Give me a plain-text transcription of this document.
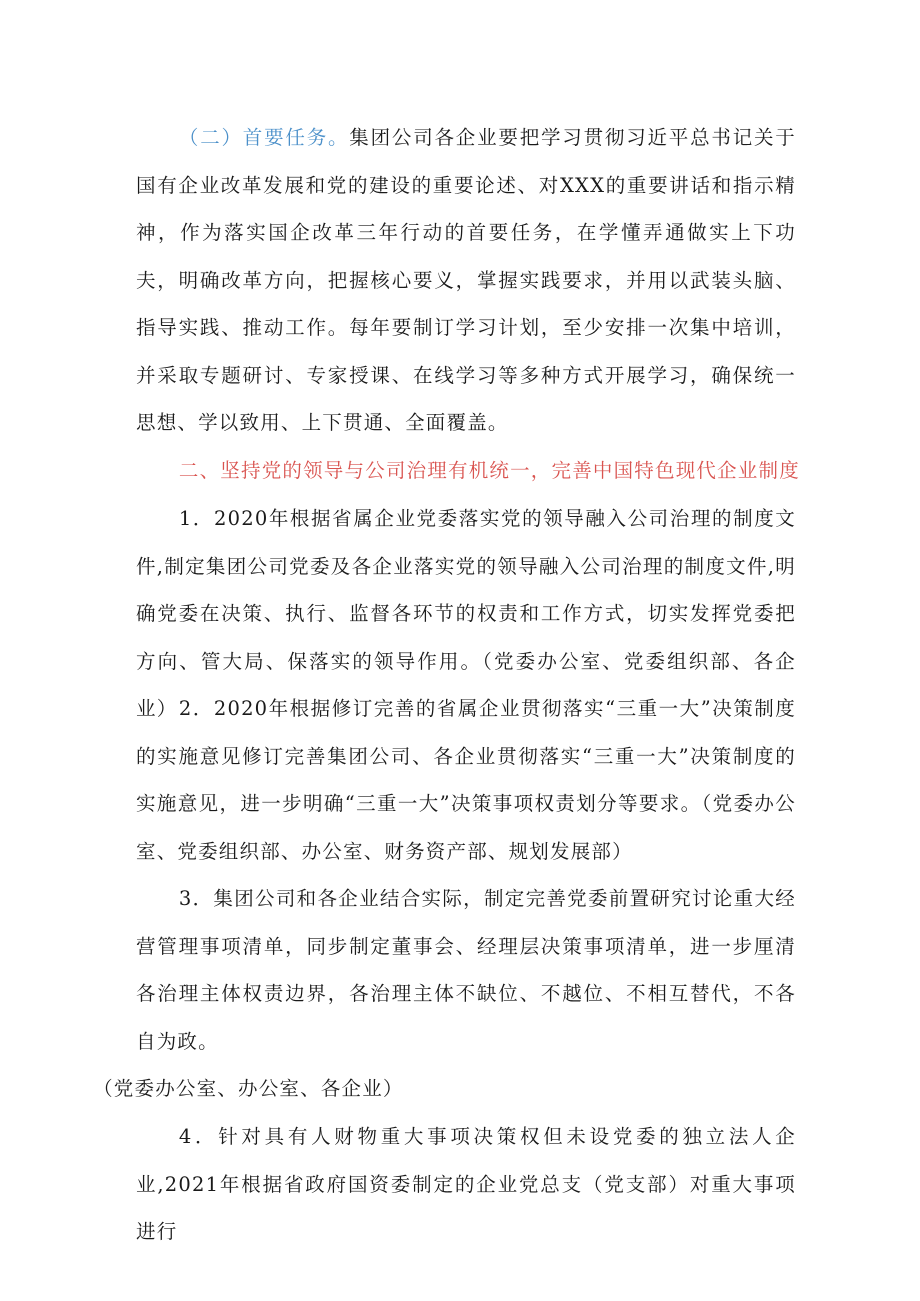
（二）首要任务。集团公司各企业要把学习贯彻习近平总书记关于国有企业改革发展和党的建设的重要论述、对XXX的重要讲话和指示精神，作为落实国企改革三年行动的首要任务，在学懂弄通做实上下功夫，明确改革方向，把握核心要义，掌握实践要求，并用以武装头脑、指导实践、推动工作。每年要制订学习计划，至少安排一次集中培训，并采取专题研讨、专家授课、在线学习等多种方式开展学习，确保统一思想、学以致用、上下贯通、全面覆盖。

二、坚持党的领导与公司治理有机统一，完善中国特色现代企业制度

1．2020年根据省属企业党委落实党的领导融入公司治理的制度文件,制定集团公司党委及各企业落实党的领导融入公司治理的制度文件,明确党委在决策、执行、监督各环节的权责和工作方式，切实发挥党委把方向、管大局、保落实的领导作用。（党委办公室、党委组织部、各企业） 2．2020年根据修订完善的省属企业贯彻落实“三重一大”决策制度的实施意见修订完善集团公司、各企业贯彻落实“三重一大”决策制度的实施意见，进一步明确“三重一大”决策事项权责划分等要求。（党委办公室、党委组织部、办公室、财务资产部、规划发展部）

3．集团公司和各企业结合实际，制定完善党委前置研究讨论重大经营管理事项清单，同步制定董事会、经理层决策事项清单，进一步厘清各治理主体权责边界，各治理主体不缺位、不越位、不相互替代，不各自为政。
（党委办公室、办公室、各企业）

4．针对具有人财物重大事项决策权但未设党委的独立法人企业,2021年根据省政府国资委制定的企业党总支（党支部）对重大事项进行
